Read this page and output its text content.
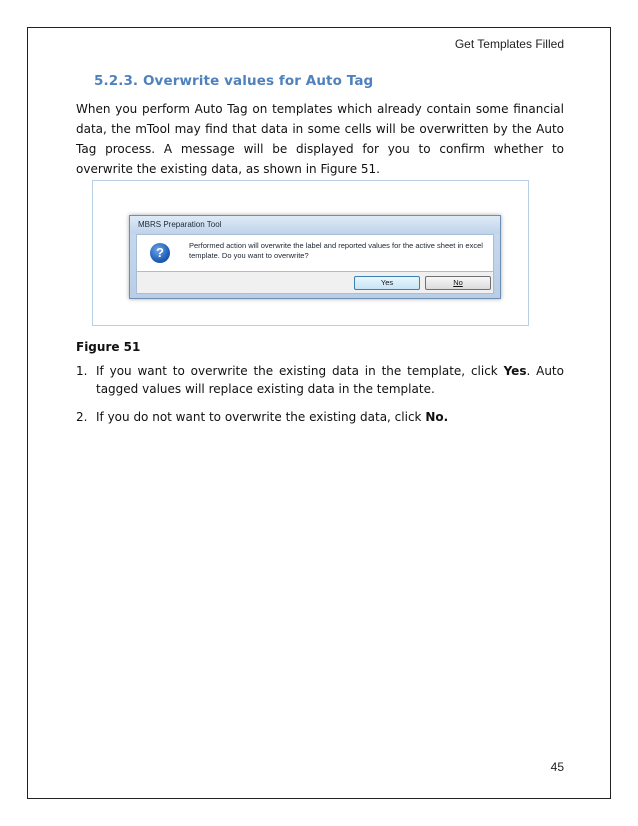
Get Templates Filled
5.2.3. Overwrite values for Auto Tag

When you perform Auto Tag on templates which already contain some financial data, the mTool may find that data in some cells will be overwritten by the Auto Tag process. A message will be displayed for you to confirm whether to overwrite the existing data, as shown in Figure 51.

MBRS Preparation Tool
?	Performed action will overwrite the label and reported values for the active sheet in excel template. Do you want to overwrite?
Yes	No

Figure 51

1. If you want to overwrite the existing data in the template, click Yes. Auto tagged values will replace existing data in the template.
2. If you do not want to overwrite the existing data, click No.
45
